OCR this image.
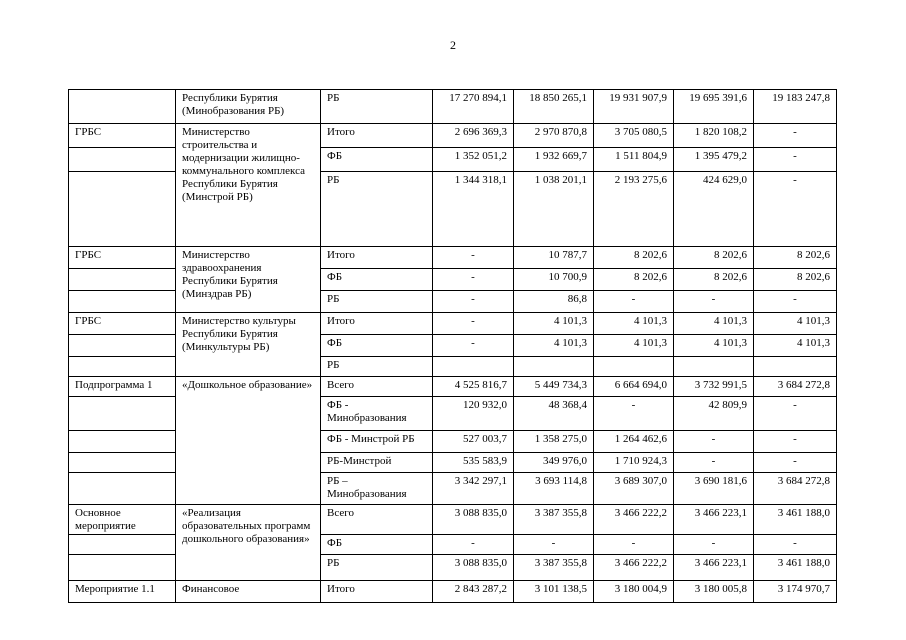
2
	Республики Бурятия (Минобразования РБ)	РБ	17 270 894,1	18 850 265,1	19 931 907,9	19 695 391,6	19 183 247,8
ГРБС	Министерство строительства и модернизации жилищно-коммунального комплекса Республики Бурятия (Минстрой РБ)	Итого	2 696 369,3	2 970 870,8	3 705 080,5	1 820 108,2	-
		ФБ	1 352 051,2	1 932 669,7	1 511 804,9	1 395 479,2	-
		РБ	1 344 318,1	1 038 201,1	2 193 275,6	424 629,0	-
ГРБС	Министерство здравоохранения Республики Бурятия (Минздрав РБ)	Итого	-	10 787,7	8 202,6	8 202,6	8 202,6
		ФБ	-	10 700,9	8 202,6	8 202,6	8 202,6
		РБ	-	86,8	-	-	-
ГРБС	Министерство культуры Республики Бурятия (Минкультуры РБ)	Итого	-	4 101,3	4 101,3	4 101,3	4 101,3
		ФБ	-	4 101,3	4 101,3	4 101,3	4 101,3
		РБ					
Подпрограмма 1	«Дошкольное образование»	Всего	4 525 816,7	5 449 734,3	6 664 694,0	3 732 991,5	3 684 272,8
		ФБ - Минобразования	120 932,0	48 368,4	-	42 809,9	-
		ФБ - Минстрой РБ	527 003,7	1 358 275,0	1 264 462,6	-	-
		РБ-Минстрой	535 583,9	349 976,0	1 710 924,3	-	-
		РБ – Минобразования	3 342 297,1	3 693 114,8	3 689 307,0	3 690 181,6	3 684 272,8
Основное мероприятие	«Реализация образовательных программ дошкольного образования»	Всего	3 088 835,0	3 387 355,8	3 466 222,2	3 466 223,1	3 461 188,0
		ФБ	-	-	-	-	-
		РБ	3 088 835,0	3 387 355,8	3 466 222,2	3 466 223,1	3 461 188,0
Мероприятие 1.1	Финансовое	Итого	2 843 287,2	3 101 138,5	3 180 004,9	3 180 005,8	3 174 970,7
